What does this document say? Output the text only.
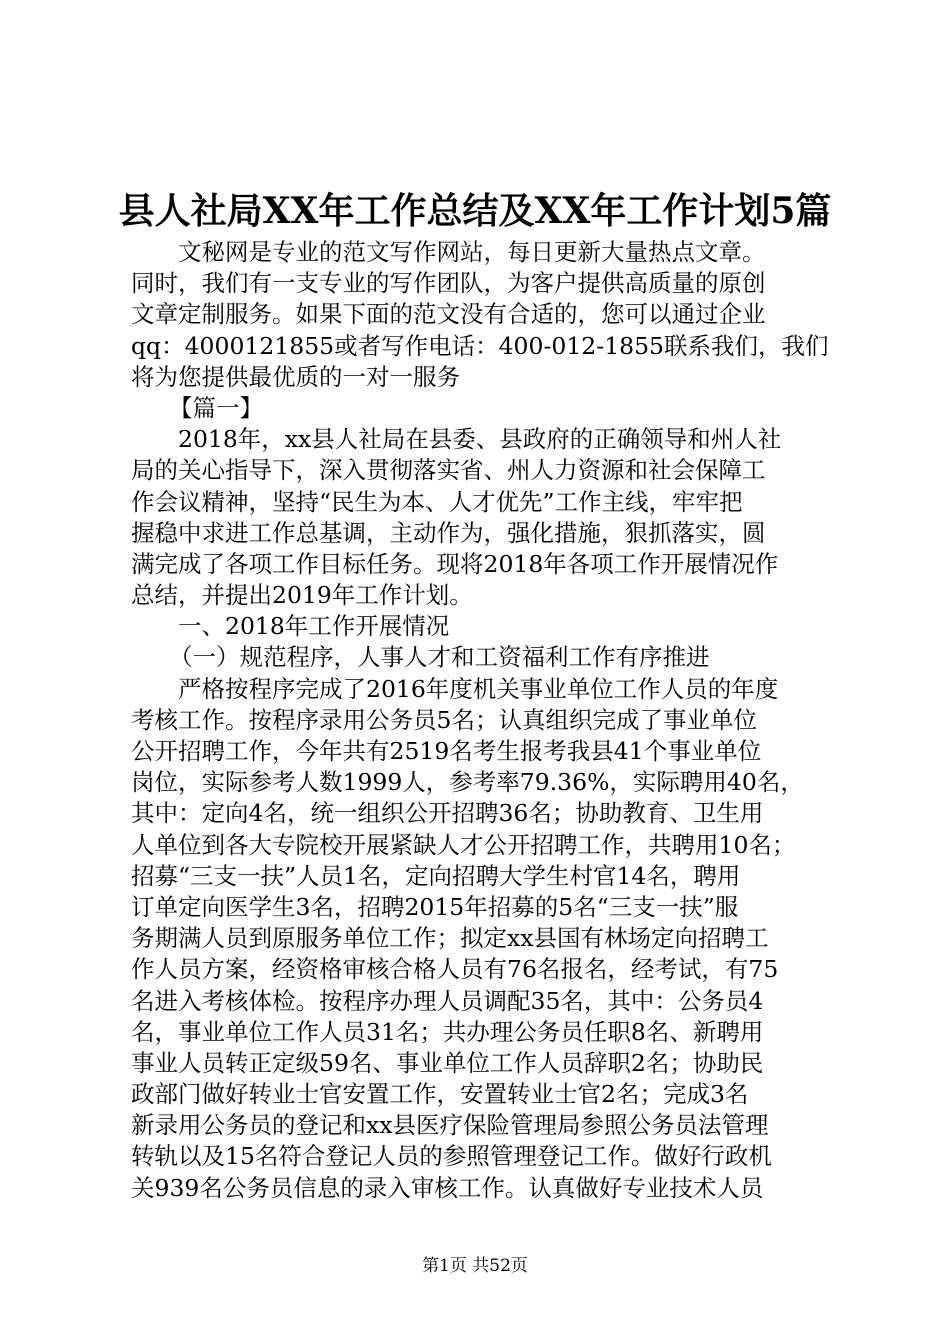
县人社局XX年工作总结及XX年工作计划5篇
文秘网是专业的范文写作网站，每日更新大量热点文章。
同时，我们有一支专业的写作团队，为客户提供高质量的原创
文章定制服务。如果下面的范文没有合适的，您可以通过企业
qq：4000121855或者写作电话：400-012-1855联系我们，我们
将为您提供最优质的一对一服务
【篇一】
2018年，xx县人社局在县委、县政府的正确领导和州人社
局的关心指导下，深入贯彻落实省、州人力资源和社会保障工
作会议精神，坚持“民生为本、人才优先”工作主线，牢牢把
握稳中求进工作总基调，主动作为，强化措施，狠抓落实，圆
满完成了各项工作目标任务。现将2018年各项工作开展情况作
总结，并提出2019年工作计划。
一、2018年工作开展情况
（一）规范程序，人事人才和工资福利工作有序推进
严格按程序完成了2016年度机关事业单位工作人员的年度
考核工作。按程序录用公务员5名；认真组织完成了事业单位
公开招聘工作，今年共有2519名考生报考我县41个事业单位
岗位，实际参考人数1999人，参考率79.36%，实际聘用40名，
其中：定向4名，统一组织公开招聘36名；协助教育、卫生用
人单位到各大专院校开展紧缺人才公开招聘工作，共聘用10名；
招募“三支一扶”人员1名，定向招聘大学生村官14名，聘用
订单定向医学生3名，招聘2015年招募的5名“三支一扶”服
务期满人员到原服务单位工作；拟定xx县国有林场定向招聘工
作人员方案，经资格审核合格人员有76名报名，经考试，有75
名进入考核体检。按程序办理人员调配35名，其中：公务员4
名，事业单位工作人员31名；共办理公务员任职8名、新聘用
事业人员转正定级59名、事业单位工作人员辞职2名；协助民
政部门做好转业士官安置工作，安置转业士官2名；完成3名
新录用公务员的登记和xx县医疗保险管理局参照公务员法管理
转轨以及15名符合登记人员的参照管理登记工作。做好行政机
关939名公务员信息的录入审核工作。认真做好专业技术人员
第1页 共52页
